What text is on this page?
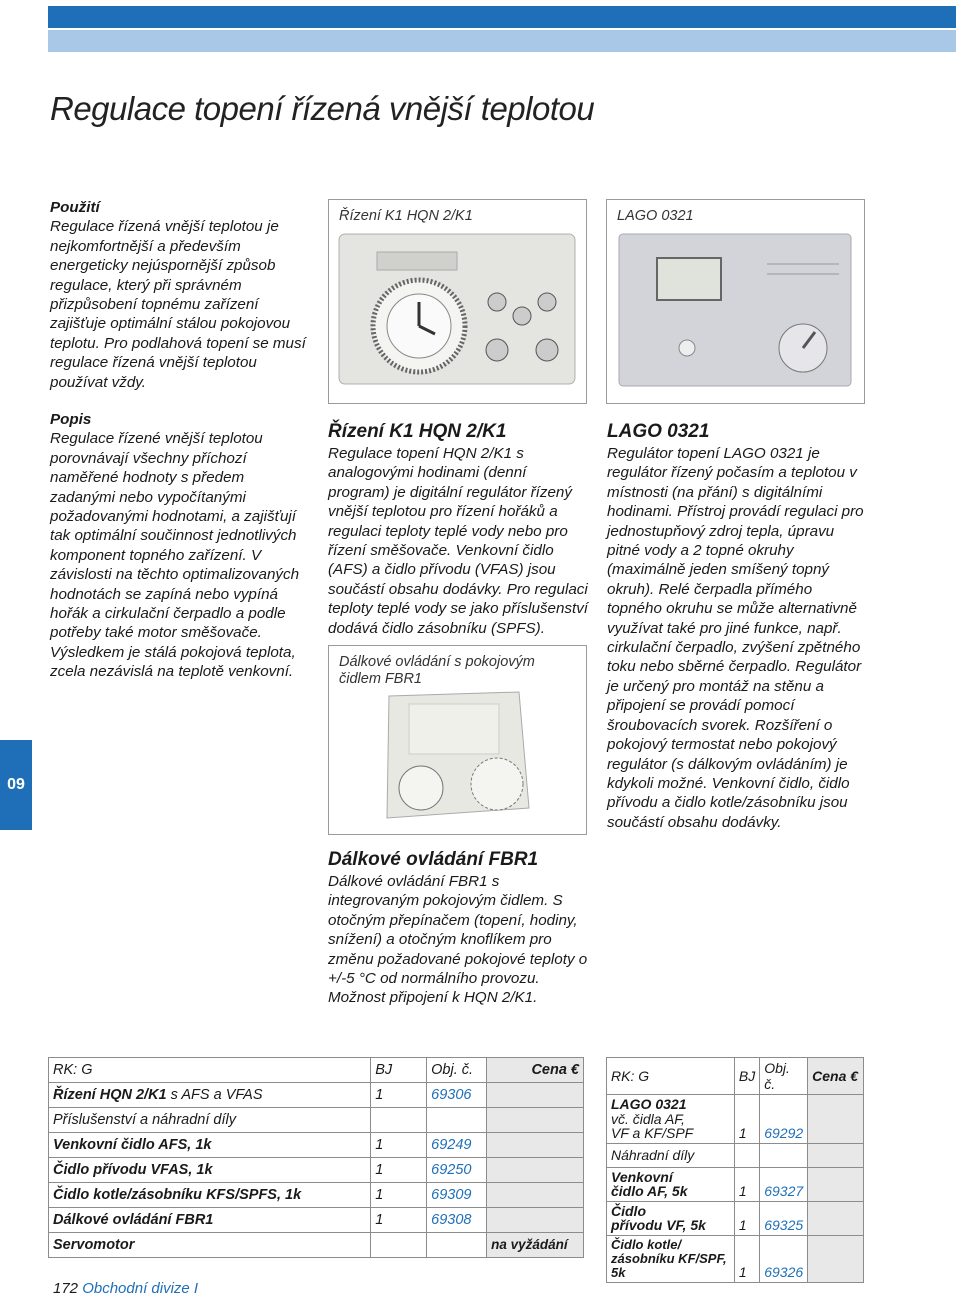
Regulace topení řízená vnější teplotou
09

Použití

Regulace řízená vnější teplotou je nejkomfortnější a především energeticky nejúspornější způsob regulace, který při správném přizpůsobení topnému zařízení zajišťuje optimální stálou pokojovou teplotu. Pro podlahová topení se musí regulace řízená vnější teplotou používat vždy.

Popis

Regulace řízené vnější teplotou porovnávají všechny příchozí naměřené hodnoty s předem zadanými nebo vypočítanými požadovanými hodnotami, a zajišťují tak optimální součinnost jednotlivých komponent topného zařízení. V závislosti na těchto optimalizovaných hodnotách se zapíná nebo vypíná hořák a cirkulační čerpadlo a podle potřeby také motor směšovače. Výsledkem je stálá pokojová teplota, zcela nezávislá na teplotě venkovní.

Řízení K1 HQN 2/K1	LAGO 0321

Řízení K1 HQN 2/K1

Regulace topení HQN 2/K1 s analogovými hodinami (denní program) je digitální regulátor řízený vnější teplotou pro řízení hořáků a regulaci teploty teplé vody nebo pro řízení směšovače. Venkovní čidlo (AFS) a čidlo přívodu (VFAS) jsou součástí obsahu dodávky. Pro regulaci teploty teplé vody se jako příslušenství dodává čidlo zásobníku (SPFS).

Dálkové ovládání s pokojovým čidlem FBR1

Dálkové ovládání FBR1

Dálkové ovládání FBR1 s integrovaným pokojovým čidlem. S otočným přepínačem (topení, hodiny, snížení) a otočným knoflíkem pro změnu požadované pokojové teploty o +/-5 °C od normálního provozu. Možnost připojení k HQN 2/K1.

LAGO 0321

Regulátor topení LAGO 0321 je regulátor řízený počasím a teplotou v místnosti (na přání) s digitálními hodinami. Přístroj provádí regulaci pro jednostupňový zdroj tepla, úpravu pitné vody a 2 topné okruhy (maximálně jeden smíšený topný okruh). Relé čerpadla přímého topného okruhu se může alternativně využívat také pro jiné funkce, např. cirkulační čerpadlo, zvýšení zpětného toku nebo sběrné čerpadlo. Regulátor je určený pro montáž na stěnu a připojení se provádí pomocí šroubovacích svorek. Rozšíření o pokojový termostat nebo pokojový regulátor (s dálkovým ovládáním) je kdykoli možné. Venkovní čidlo, čidlo přívodu a čidlo kotle/zásobníku jsou součástí obsahu dodávky.

RK: G	BJ	Obj. č.	Cena €
Řízení HQN 2/K1 s AFS a VFAS	1	69306	
Příslušenství a náhradní díly			
Venkovní čidlo AFS, 1k	1	69249	
Čidlo přívodu VFAS, 1k	1	69250	
Čidlo kotle/zásobníku KFS/SPFS, 1k	1	69309	
Dálkové ovládání FBR1	1	69308	
Servomotor			na vyžádání
RK: G	BJ	Obj. č.	Cena €

LAGO 0321
vč. čidla AF,
VF a KF/SPF	1	69292	
Náhradní díly			

Venkovní
čidlo AF, 5k	1	69327	

Čidlo
přívodu VF, 5k	1	69325	

Čidlo kotle/
zásobníku KF/SPF, 5k	1	69326	
172 Obchodní divize I
